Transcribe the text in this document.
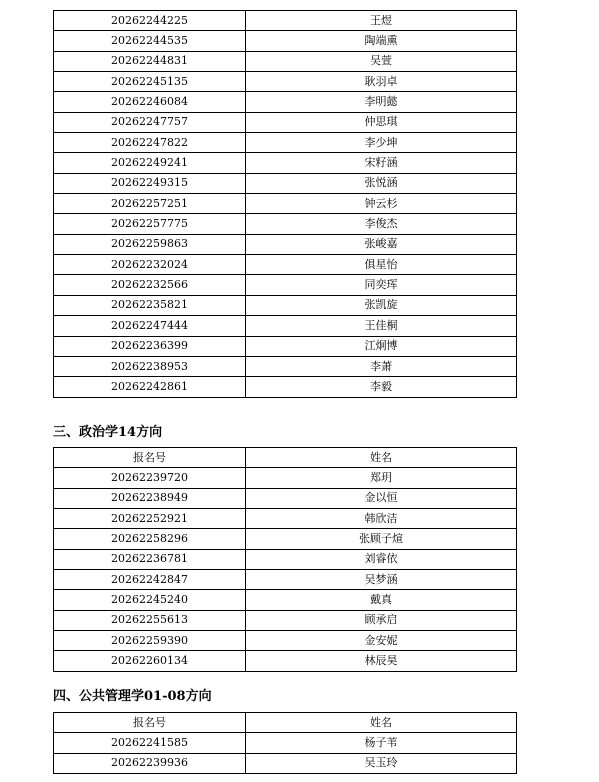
20262244225	王煜
20262244535	陶端熏
20262244831	吴萱
20262245135	耿羽卓
20262246084	李明懿
20262247757	仲思琪
20262247822	李少坤
20262249241	宋籽涵
20262249315	张悦涵
20262257251	钟云杉
20262257775	李俊杰
20262259863	张峻嘉
20262232024	俱星怡
20262232566	同奕珲
20262235821	张凯旋
20262247444	王佳桐
20262236399	江炯博
20262238953	李萧
20262242861	李毅
三、政治学14方向
报名号	姓名
20262239720	郑玥
20262238949	金以恒
20262252921	韩欣洁
20262258296	张顾子煊
20262236781	刘睿依
20262242847	吴梦涵
20262245240	戴真
20262255613	顾承启
20262259390	金安妮
20262260134	林辰昊
四、公共管理学01-08方向
报名号	姓名
20262241585	杨子苇
20262239936	吴玉玲
